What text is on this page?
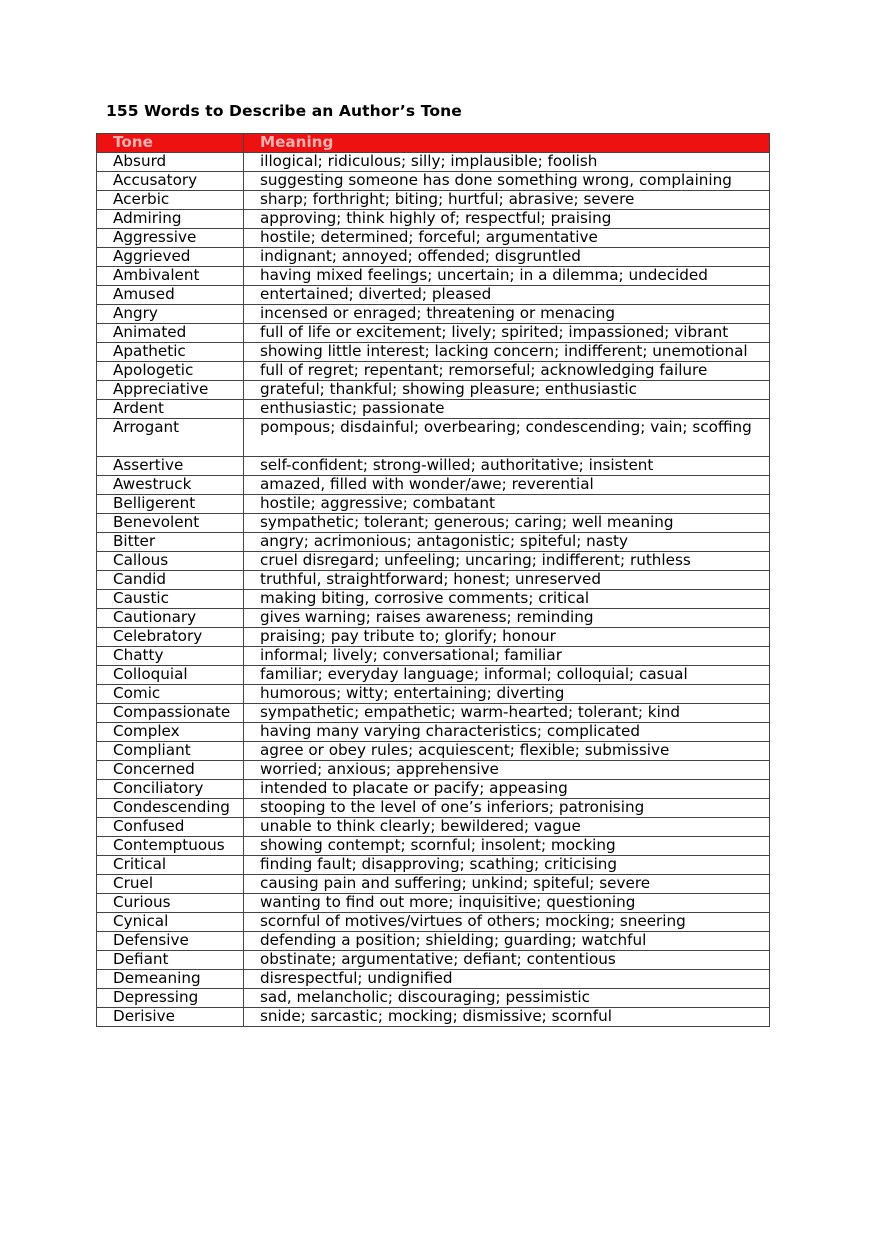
155 Words to Describe an Author’s Tone
Tone	Meaning
Absurd	illogical; ridiculous; silly; implausible; foolish
Accusatory	suggesting someone has done something wrong, complaining
Acerbic	sharp; forthright; biting; hurtful; abrasive; severe
Admiring	approving; think highly of; respectful; praising
Aggressive	hostile; determined; forceful; argumentative
Aggrieved	indignant; annoyed; offended; disgruntled
Ambivalent	having mixed feelings; uncertain; in a dilemma; undecided
Amused	entertained; diverted; pleased
Angry	incensed or enraged; threatening or menacing
Animated	full of life or excitement; lively; spirited; impassioned; vibrant
Apathetic	showing little interest; lacking concern; indifferent; unemotional
Apologetic	full of regret; repentant; remorseful; acknowledging failure
Appreciative	grateful; thankful; showing pleasure; enthusiastic
Ardent	enthusiastic; passionate
Arrogant	pompous; disdainful; overbearing; condescending; vain; scoffing
Assertive	self-confident; strong-willed; authoritative; insistent
Awestruck	amazed, filled with wonder/awe; reverential
Belligerent	hostile; aggressive; combatant
Benevolent	sympathetic; tolerant; generous; caring; well meaning
Bitter	angry; acrimonious; antagonistic; spiteful; nasty
Callous	cruel disregard; unfeeling; uncaring; indifferent; ruthless
Candid	truthful, straightforward; honest; unreserved
Caustic	making biting, corrosive comments; critical
Cautionary	gives warning; raises awareness; reminding
Celebratory	praising; pay tribute to; glorify; honour
Chatty	informal; lively; conversational; familiar
Colloquial	familiar; everyday language; informal; colloquial; casual
Comic	humorous; witty; entertaining; diverting
Compassionate	sympathetic; empathetic; warm-hearted; tolerant; kind
Complex	having many varying characteristics; complicated
Compliant	agree or obey rules; acquiescent; flexible; submissive
Concerned	worried; anxious; apprehensive
Conciliatory	intended to placate or pacify; appeasing
Condescending	stooping to the level of one’s inferiors; patronising
Confused	unable to think clearly; bewildered; vague
Contemptuous	showing contempt; scornful; insolent; mocking
Critical	finding fault; disapproving; scathing; criticising
Cruel	causing pain and suffering; unkind; spiteful; severe
Curious	wanting to find out more; inquisitive; questioning
Cynical	scornful of motives/virtues of others; mocking; sneering
Defensive	defending a position; shielding; guarding; watchful
Defiant	obstinate; argumentative; defiant; contentious
Demeaning	disrespectful; undignified
Depressing	sad, melancholic; discouraging; pessimistic
Derisive	snide; sarcastic; mocking; dismissive; scornful
